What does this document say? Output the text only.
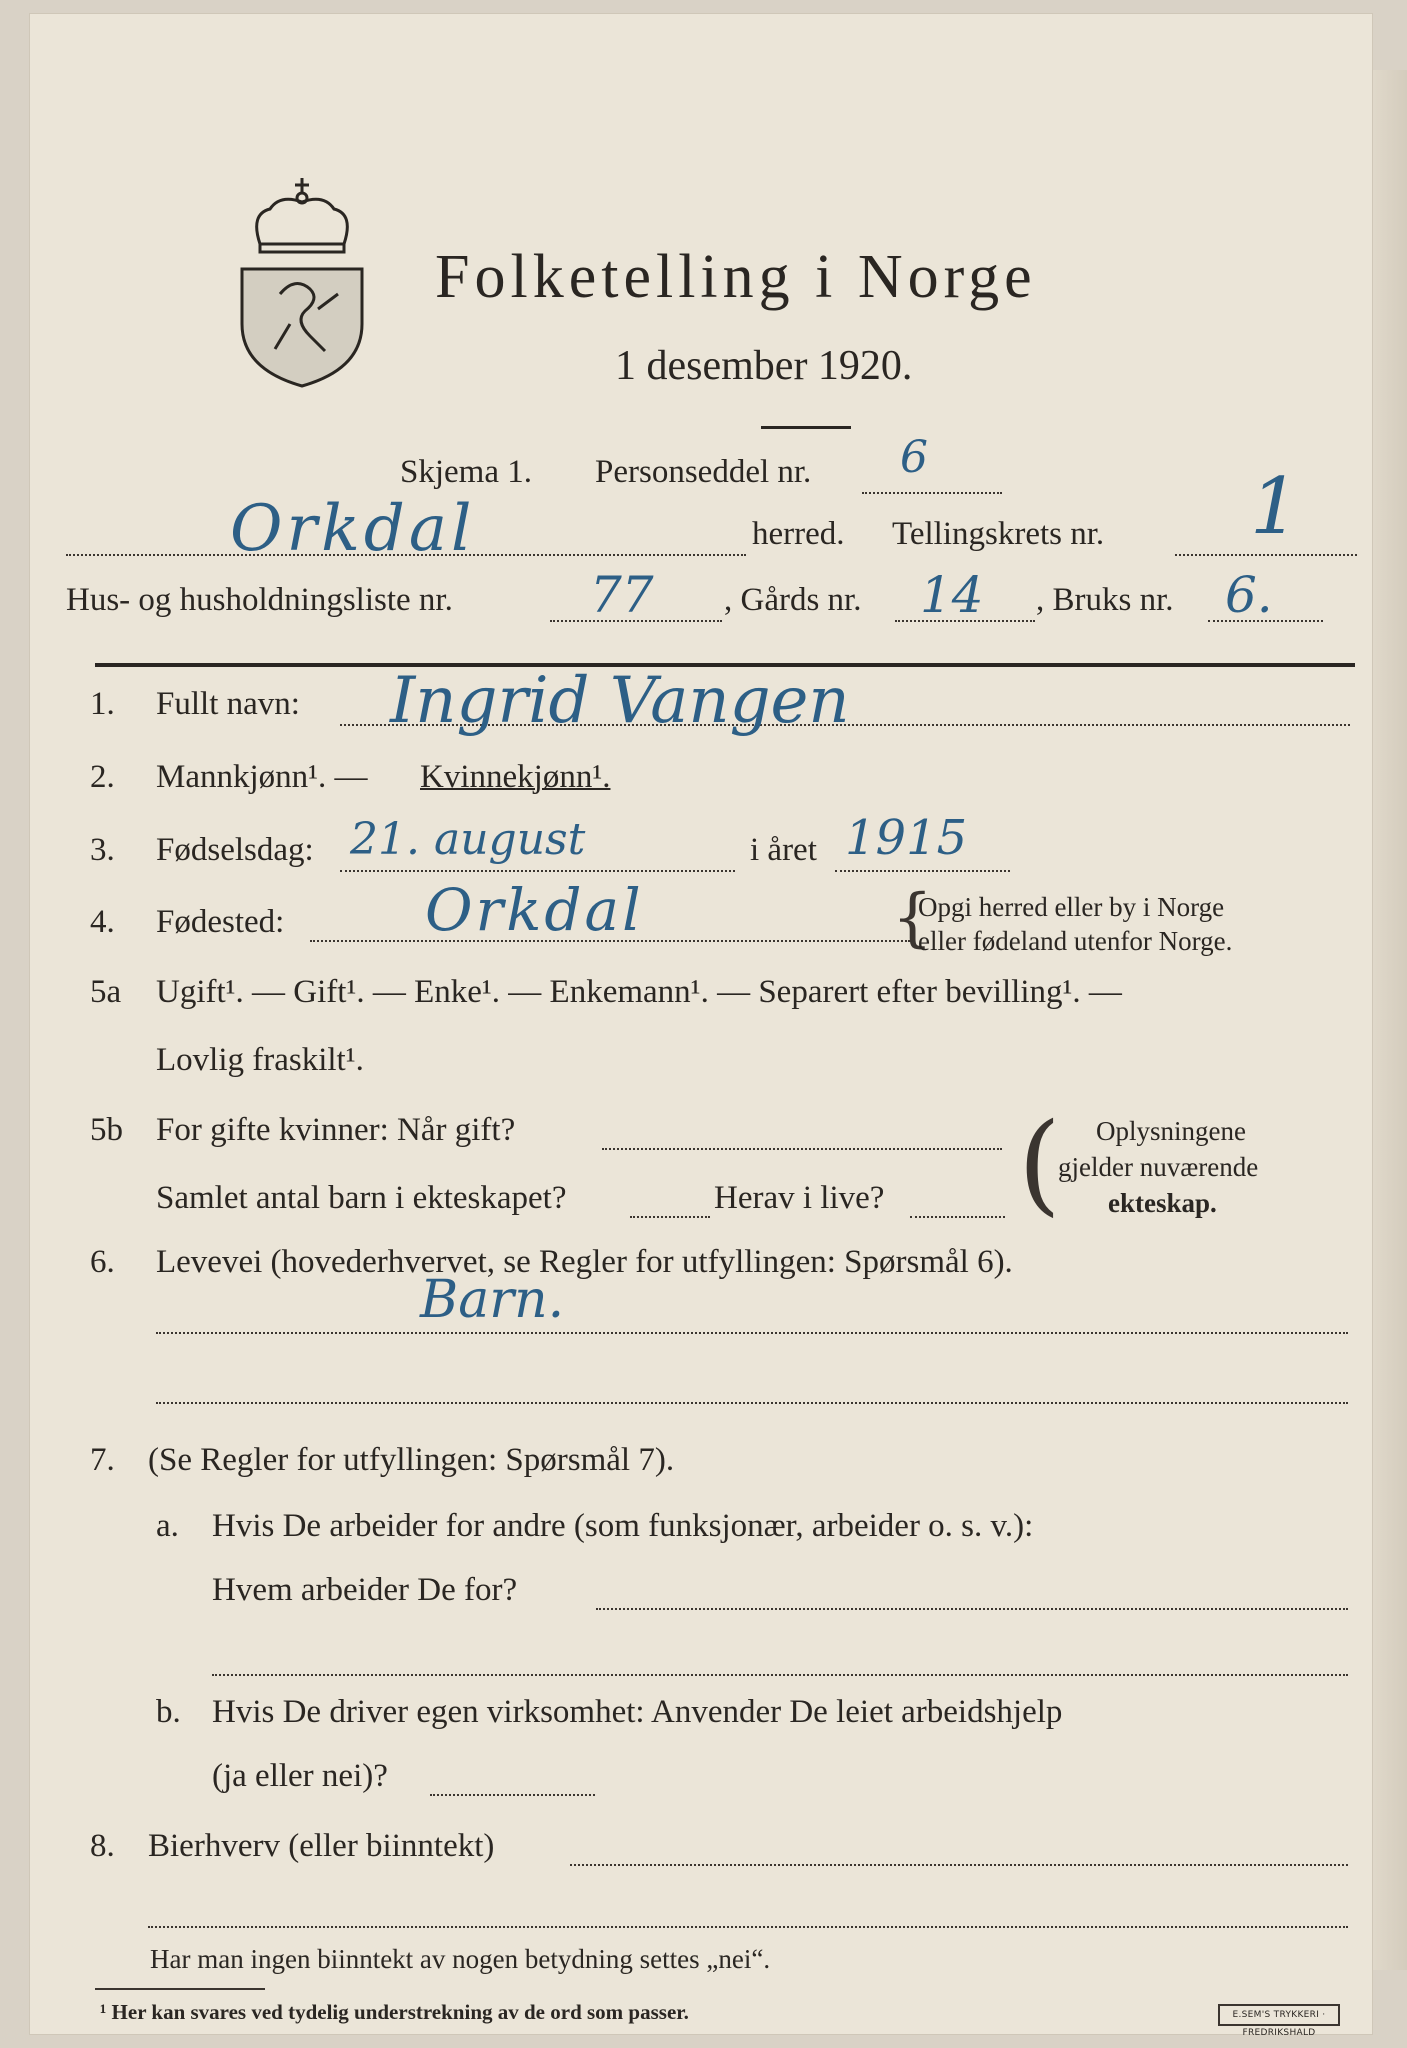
Folketelling i Norge
1 desember 1920.
Skjema 1. Personseddel nr. 6
Orkdal	herred. Tellingskrets nr. 1
Hus- og husholdningsliste nr.	77 , Gårds nr. 14 , Bruks nr. 6.
1. Fullt navn: Ingrid Vangen
2. Mannkjønn¹. — Kvinnekjønn¹.
3. Fødselsdag: 21. august	i året 1915
4. Fødested: Orkdal	{
Opgi herred eller by i Norge
eller fødeland utenfor Norge.
5a Ugift¹. — Gift¹. — Enke¹. — Enkemann¹. — Separert efter bevilling¹. —
Lovlig fraskilt¹.
5b For gifte kvinner: Når gift?
Samlet antal barn i ekteskapet?	Herav i live? ( Oplysningene
gjelder nuværende
ekteskap.
6. Levevei (hovederhvervet, se Regler for utfyllingen: Spørsmål 6).
Barn.
7. (Se Regler for utfyllingen: Spørsmål 7).
a. Hvis De arbeider for andre (som funksjonær, arbeider o. s. v.):
Hvem arbeider De for?
b. Hvis De driver egen virksomhet: Anvender De leiet arbeidshjelp
(ja eller nei)?
8. Bierhverv (eller biinntekt)
Har man ingen biinntekt av nogen betydning settes „nei“.
¹ Her kan svares ved tydelig understrekning av de ord som passer.	E.SEM'S TRYKKERI · FREDRIKSHALD
